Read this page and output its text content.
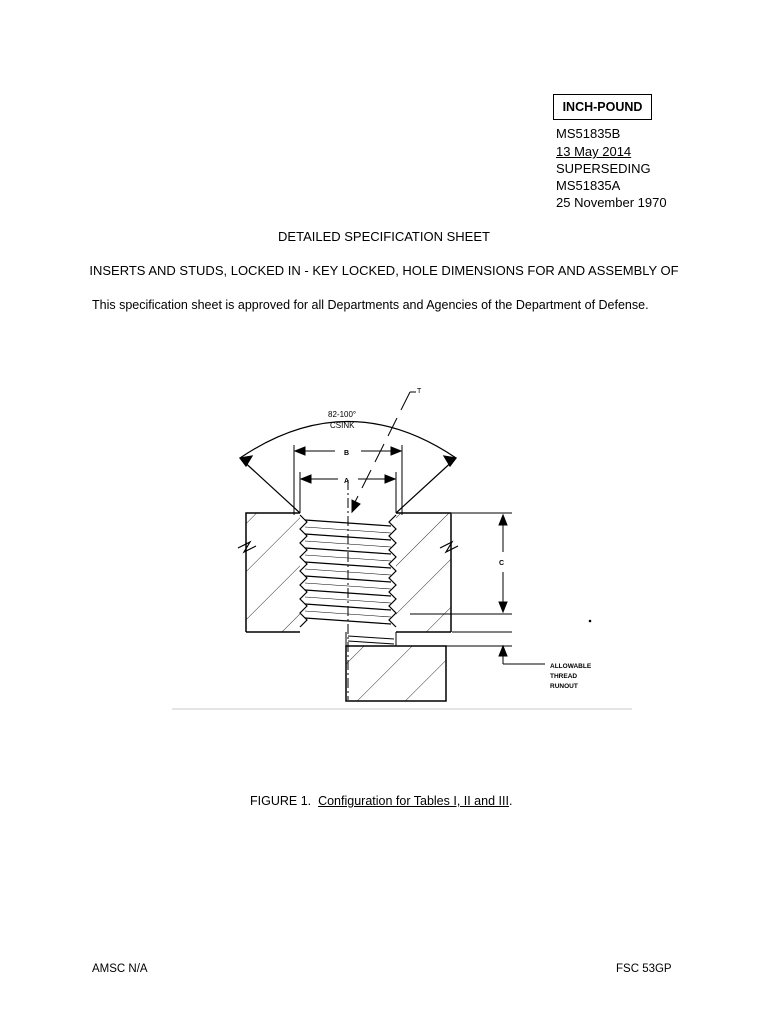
INCH-POUND
MS51835B
13 May 2014
SUPERSEDING
MS51835A
25 November 1970
DETAILED SPECIFICATION SHEET
INSERTS AND STUDS, LOCKED IN - KEY LOCKED, HOLE DIMENSIONS FOR AND ASSEMBLY OF
This specification sheet is approved for all Departments and Agencies of the Department of Defense.
82-100°
CSINK
T
B
A
C
ALLOWABLE
THREAD
RUNOUT
FIGURE 1. Configuration for Tables I, II and III.
AMSC N/A	FSC 53GP
